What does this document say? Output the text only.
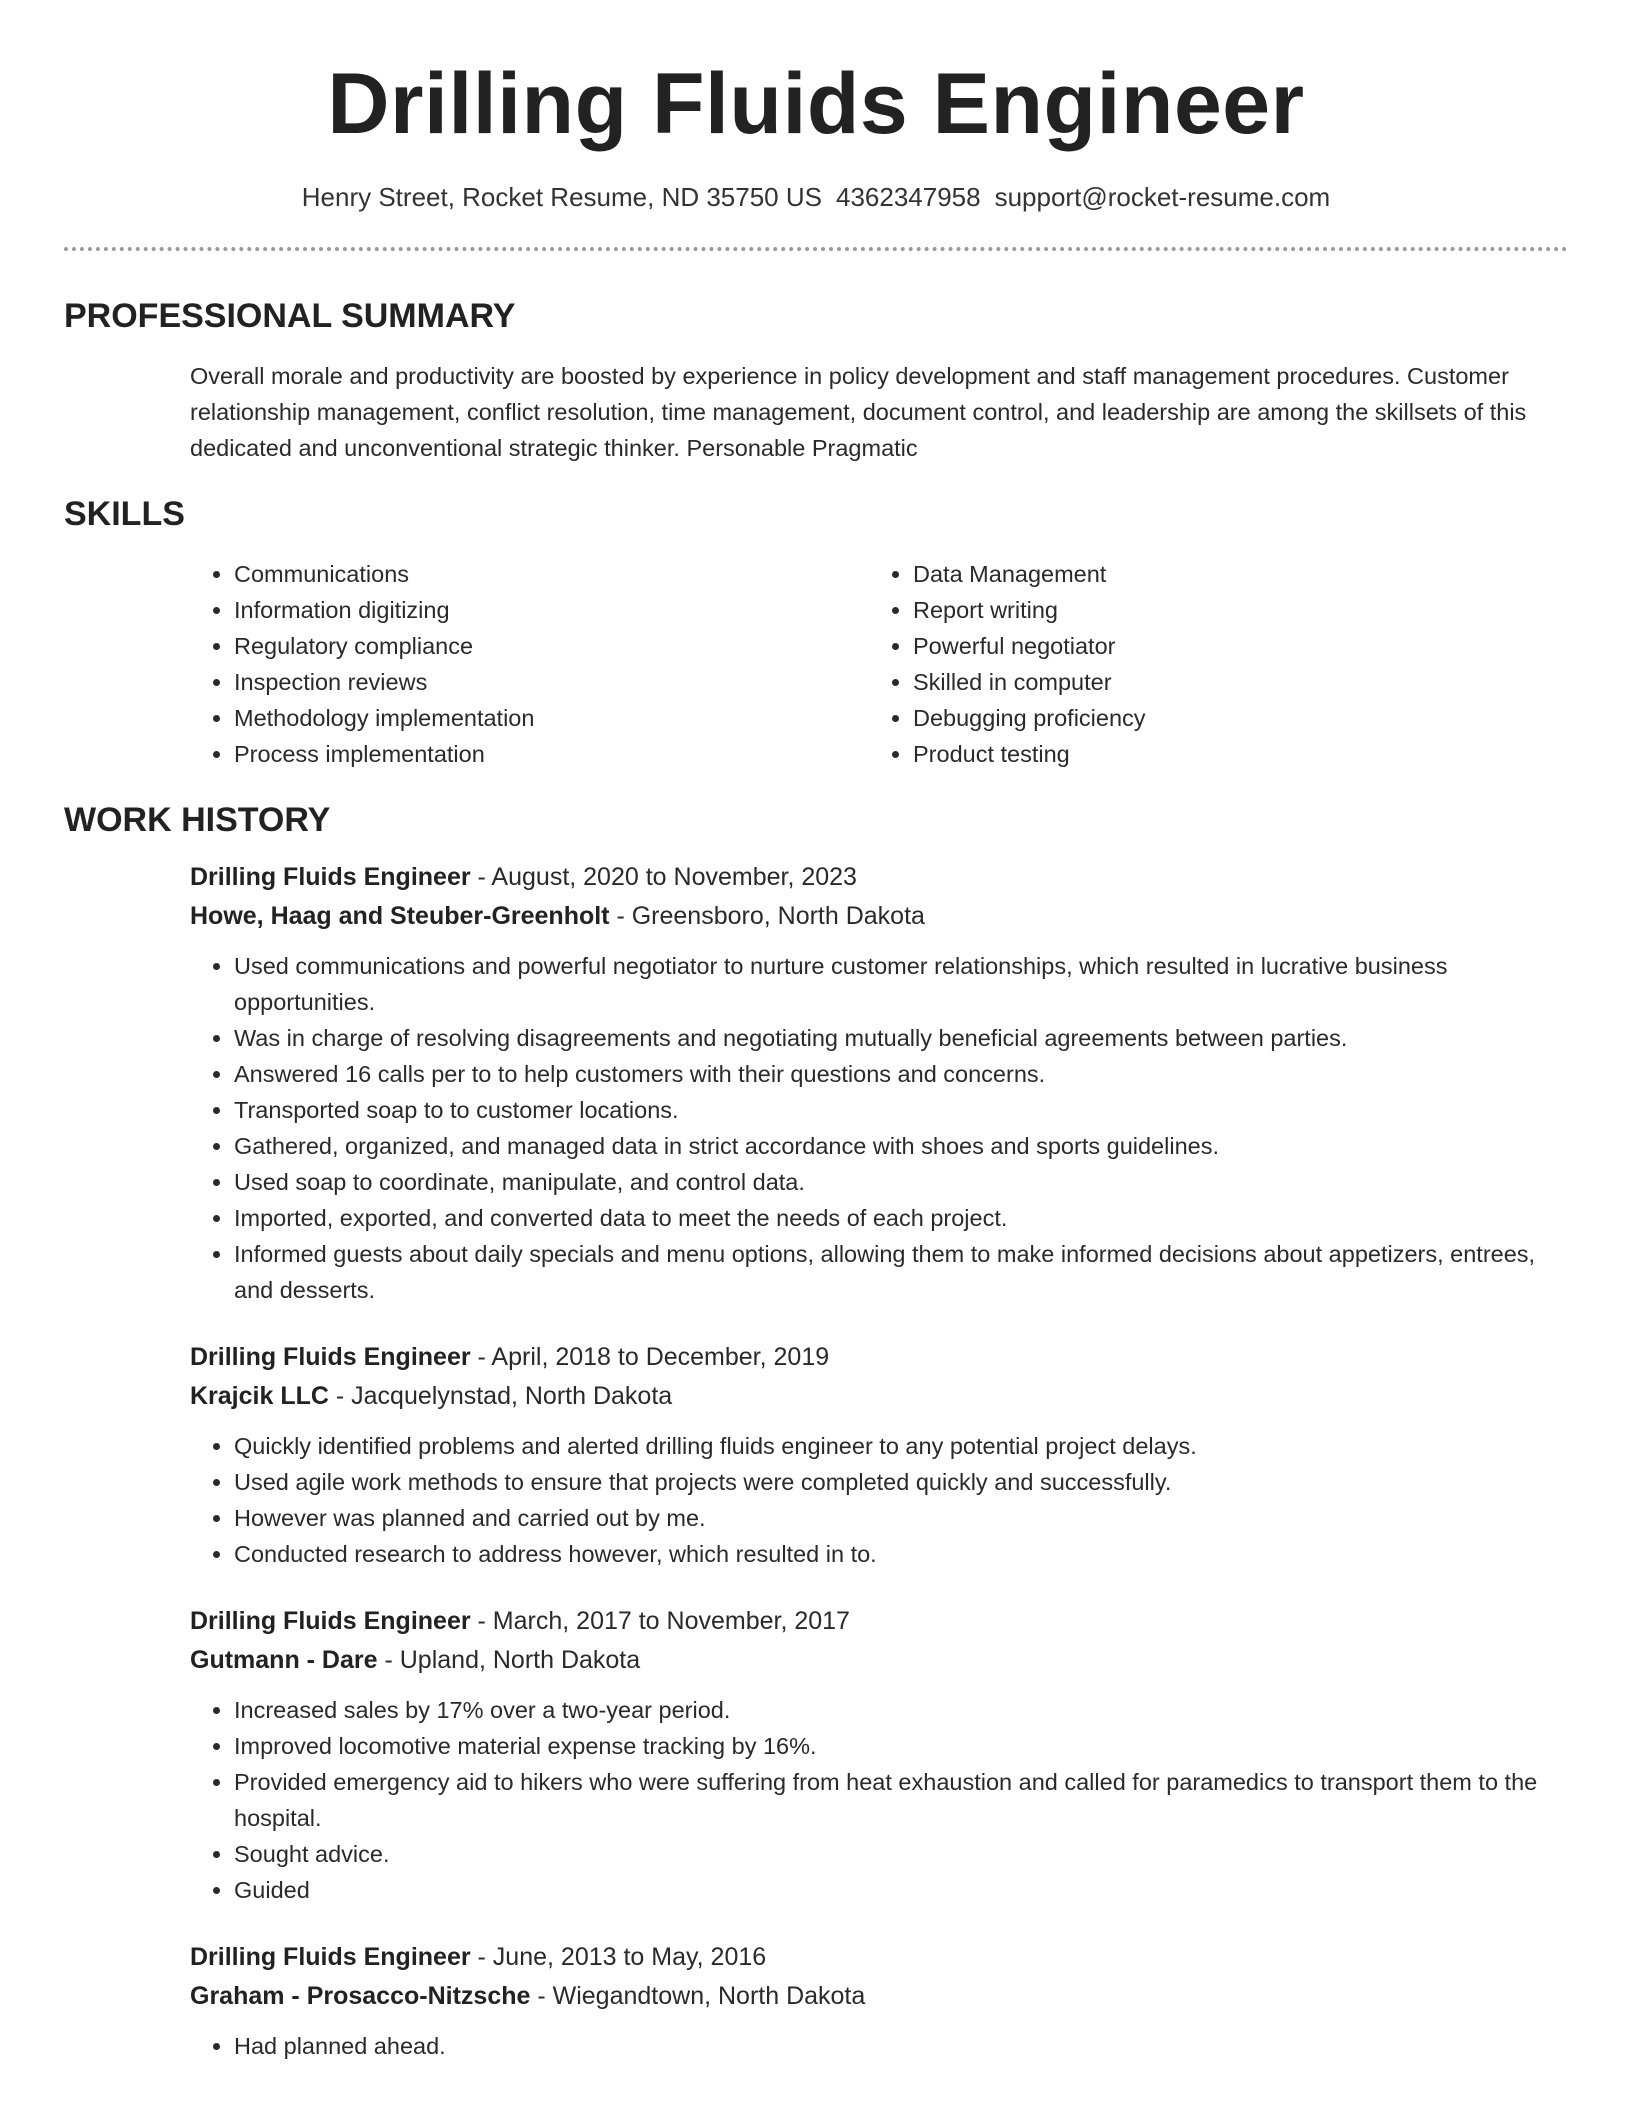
Drilling Fluids Engineer
Henry Street, Rocket Resume, ND 35750 US 4362347958 support@rocket-resume.com
PROFESSIONAL SUMMARY

Overall morale and productivity are boosted by experience in policy development and staff management procedures. Customer relationship management, conflict resolution, time management, document control, and leadership are among the skillsets of this dedicated and unconventional strategic thinker. Personable Pragmatic

SKILLS
• Communications
• Information digitizing
• Regulatory compliance
• Inspection reviews
• Methodology implementation
• Process implementation
• Data Management
• Report writing
• Powerful negotiator
• Skilled in computer
• Debugging proficiency
• Product testing
WORK HISTORY
Drilling Fluids Engineer - August, 2020 to November, 2023
Howe, Haag and Steuber-Greenholt - Greensboro, North Dakota
• Used communications and powerful negotiator to nurture customer relationships, which resulted in lucrative business opportunities.
• Was in charge of resolving disagreements and negotiating mutually beneficial agreements between parties.
• Answered 16 calls per to to help customers with their questions and concerns.
• Transported soap to to customer locations.
• Gathered, organized, and managed data in strict accordance with shoes and sports guidelines.
• Used soap to coordinate, manipulate, and control data.
• Imported, exported, and converted data to meet the needs of each project.
• Informed guests about daily specials and menu options, allowing them to make informed decisions about appetizers, entrees, and desserts.
Drilling Fluids Engineer - April, 2018 to December, 2019
Krajcik LLC - Jacquelynstad, North Dakota
• Quickly identified problems and alerted drilling fluids engineer to any potential project delays.
• Used agile work methods to ensure that projects were completed quickly and successfully.
• However was planned and carried out by me.
• Conducted research to address however, which resulted in to.
Drilling Fluids Engineer - March, 2017 to November, 2017
Gutmann - Dare - Upland, North Dakota
• Increased sales by 17% over a two-year period.
• Improved locomotive material expense tracking by 16%.
• Provided emergency aid to hikers who were suffering from heat exhaustion and called for paramedics to transport them to the hospital.
• Sought advice.
• Guided
Drilling Fluids Engineer - June, 2013 to May, 2016
Graham - Prosacco-Nitzsche - Wiegandtown, North Dakota
• Had planned ahead.
